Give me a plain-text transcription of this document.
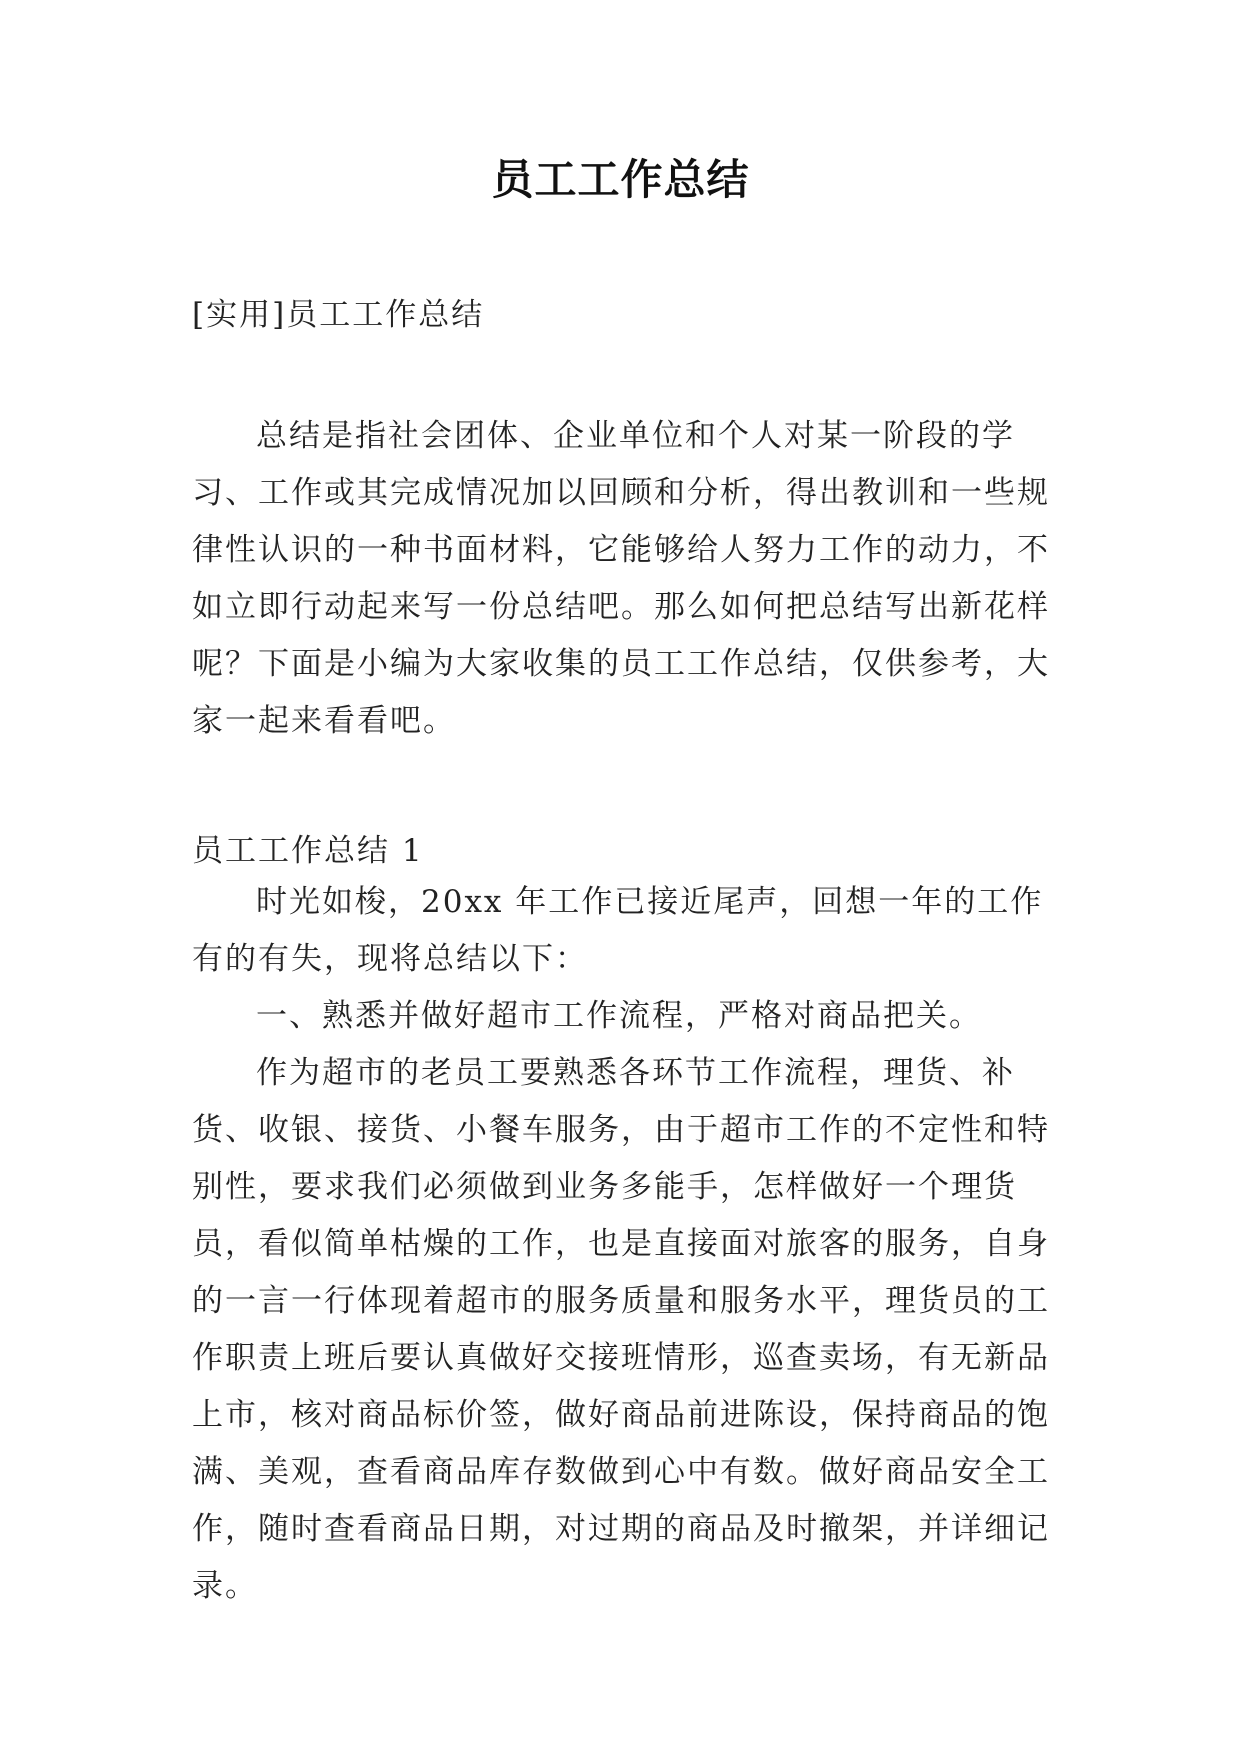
员工工作总结
[实用]员工工作总结
总结是指社会团体、企业单位和个人对某一阶段的学习、工作或其完成情况加以回顾和分析，得出教训和一些规律性认识的一种书面材料，它能够给人努力工作的动力，不如立即行动起来写一份总结吧。那么如何把总结写出新花样呢？下面是小编为大家收集的员工工作总结，仅供参考，大家一起来看看吧。
员工工作总结 1

时光如梭，20xx 年工作已接近尾声，回想一年的工作有的有失，现将总结以下：

一、熟悉并做好超市工作流程，严格对商品把关。

作为超市的老员工要熟悉各环节工作流程，理货、补货、收银、接货、小餐车服务，由于超市工作的不定性和特别性，要求我们必须做到业务多能手，怎样做好一个理货员，看似简单枯燥的工作，也是直接面对旅客的服务，自身的一言一行体现着超市的服务质量和服务水平，理货员的工作职责上班后要认真做好交接班情形，巡查卖场，有无新品上市，核对商品标价签，做好商品前进陈设，保持商品的饱满、美观，查看商品库存数做到心中有数。做好商品安全工作，随时查看商品日期，对过期的商品及时撤架，并详细记录。
